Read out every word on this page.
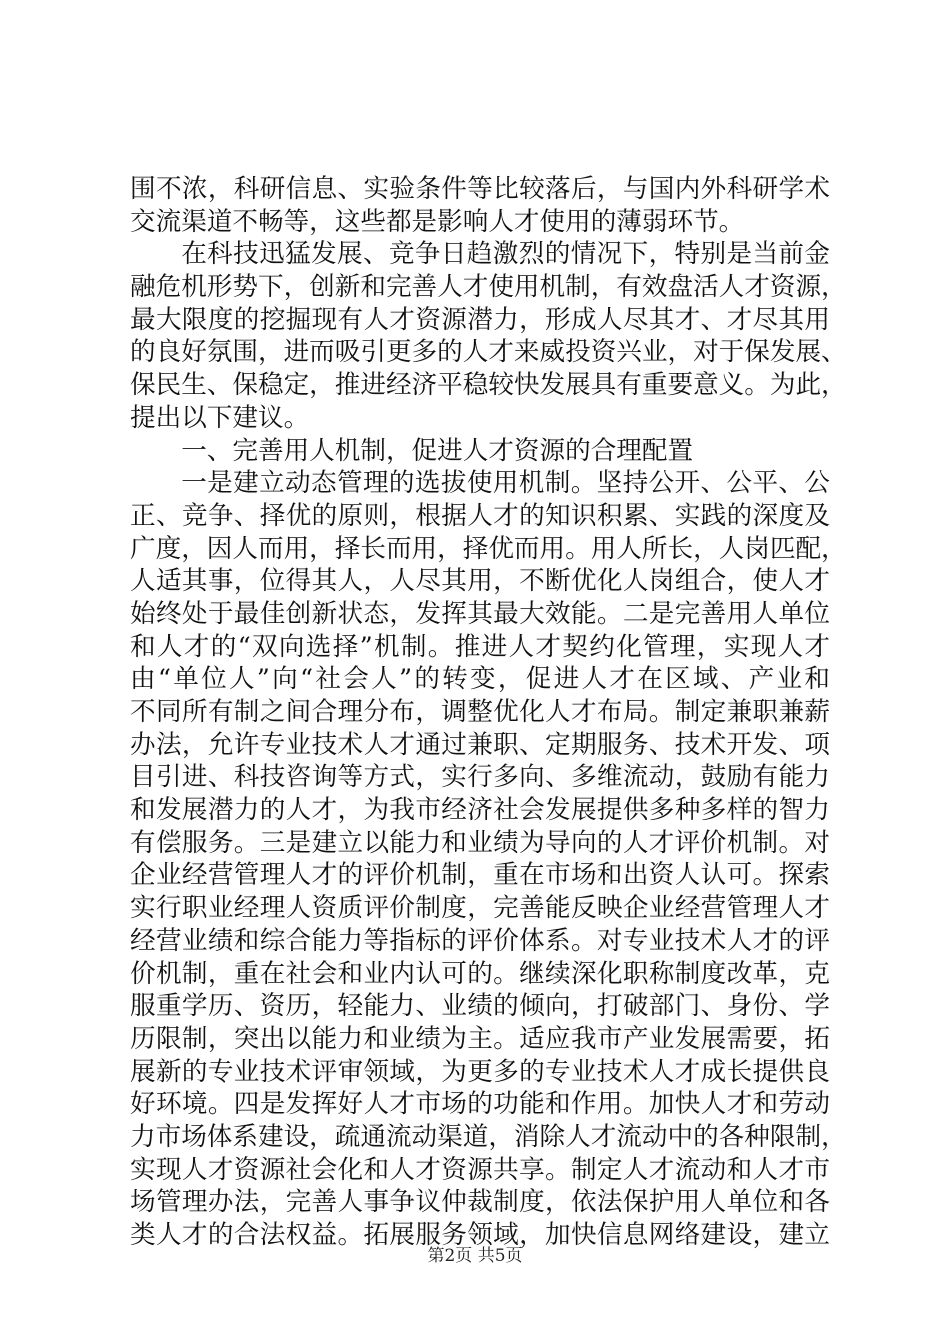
围不浓，科研信息、实验条件等比较落后，与国内外科研学术
交流渠道不畅等，这些都是影响人才使用的薄弱环节。
在科技迅猛发展、竞争日趋激烈的情况下，特别是当前金
融危机形势下，创新和完善人才使用机制，有效盘活人才资源，
最大限度的挖掘现有人才资源潜力，形成人尽其才、才尽其用
的良好氛围，进而吸引更多的人才来威投资兴业，对于保发展、
保民生、保稳定，推进经济平稳较快发展具有重要意义。为此，
提出以下建议。
一、完善用人机制，促进人才资源的合理配置
一是建立动态管理的选拔使用机制。坚持公开、公平、公
正、竞争、择优的原则，根据人才的知识积累、实践的深度及
广度，因人而用，择长而用，择优而用。用人所长，人岗匹配，
人适其事，位得其人，人尽其用，不断优化人岗组合，使人才
始终处于最佳创新状态，发挥其最大效能。二是完善用人单位
和人才的“双向选择”机制。推进人才契约化管理，实现人才
由“单位人”向“社会人”的转变，促进人才在区域、产业和
不同所有制之间合理分布，调整优化人才布局。制定兼职兼薪
办法，允许专业技术人才通过兼职、定期服务、技术开发、项
目引进、科技咨询等方式，实行多向、多维流动，鼓励有能力
和发展潜力的人才，为我市经济社会发展提供多种多样的智力
有偿服务。三是建立以能力和业绩为导向的人才评价机制。对
企业经营管理人才的评价机制，重在市场和出资人认可。探索
实行职业经理人资质评价制度，完善能反映企业经营管理人才
经营业绩和综合能力等指标的评价体系。对专业技术人才的评
价机制，重在社会和业内认可的。继续深化职称制度改革，克
服重学历、资历，轻能力、业绩的倾向，打破部门、身份、学
历限制，突出以能力和业绩为主。适应我市产业发展需要，拓
展新的专业技术评审领域，为更多的专业技术人才成长提供良
好环境。四是发挥好人才市场的功能和作用。加快人才和劳动
力市场体系建设，疏通流动渠道，消除人才流动中的各种限制，
实现人才资源社会化和人才资源共享。制定人才流动和人才市
场管理办法，完善人事争议仲裁制度，依法保护用人单位和各
类人才的合法权益。拓展服务领域，加快信息网络建设，建立
第2页 共5页
